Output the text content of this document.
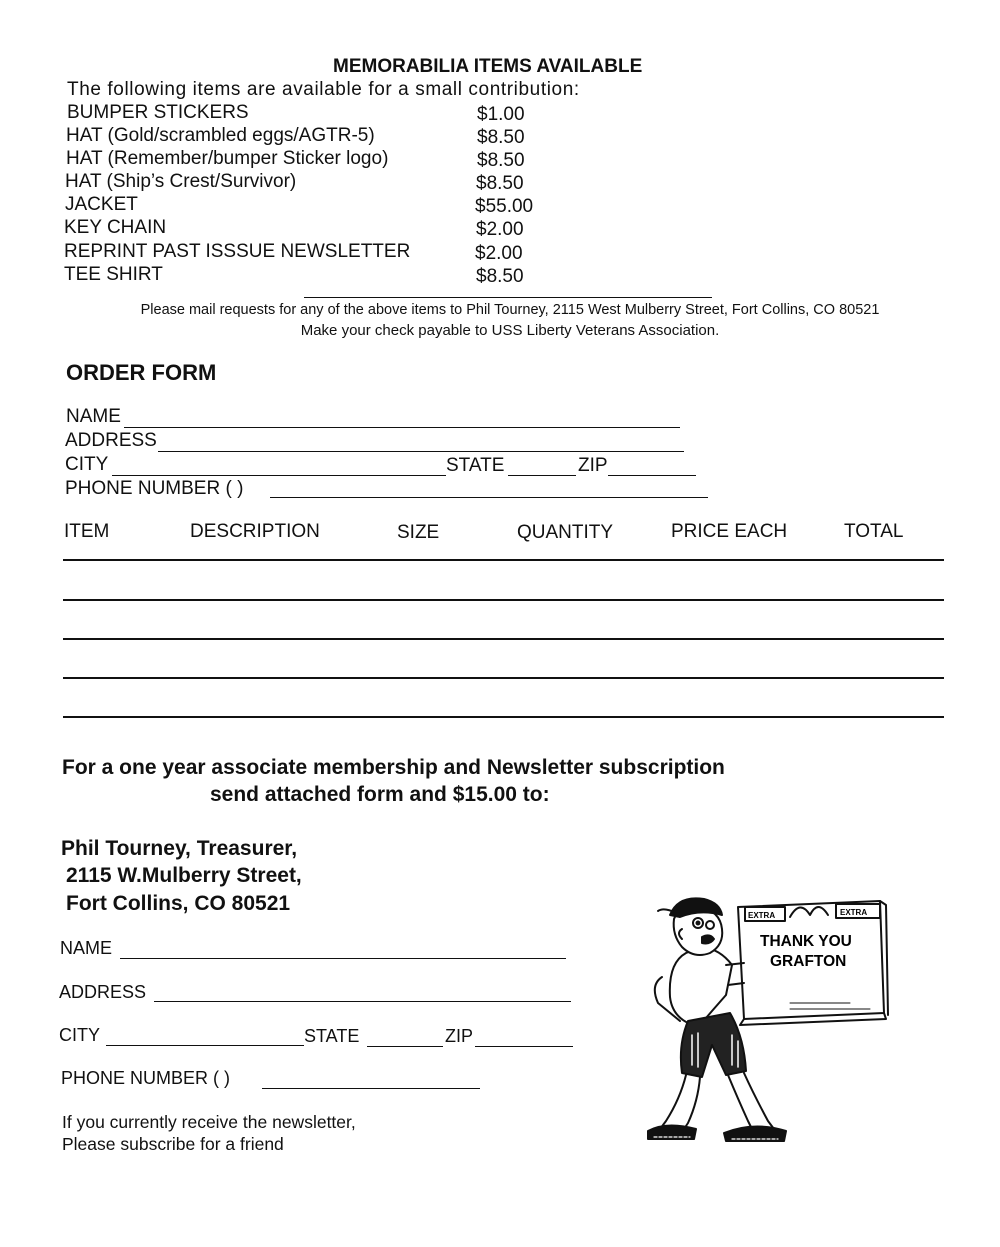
MEMORABILIA ITEMS AVAILABLE
The following items are available for a small contribution:
BUMPER STICKERS	$1.00
HAT (Gold/scrambled eggs/AGTR-5)	$8.50
HAT (Remember/bumper Sticker logo)	$8.50
HAT (Ship’s Crest/Survivor)	$8.50
JACKET	$55.00
KEY CHAIN	$2.00
REPRINT PAST ISSSUE NEWSLETTER	$2.00
TEE SHIRT	$8.50
Please mail requests for any of the above items to Phil Tourney, 2115 West Mulberry Street, Fort Collins, CO 80521
Make your check payable to USS Liberty Veterans Association.
ORDER FORM
NAME
ADDRESS
CITY	STATE	ZIP
PHONE NUMBER ( )
ITEM	DESCRIPTION	SIZE	QUANTITY	PRICE EACH	TOTAL
For a one year associate membership and Newsletter subscription
send attached form and $15.00 to:
Phil Tourney, Treasurer,
2115 W.Mulberry Street,
Fort Collins, CO 80521
NAME
ADDRESS
CITY	STATE	ZIP
PHONE NUMBER ( )
If you currently receive the newsletter,
Please subscribe for a friend
EXTRA	EXTRA
THANK YOU
GRAFTON
